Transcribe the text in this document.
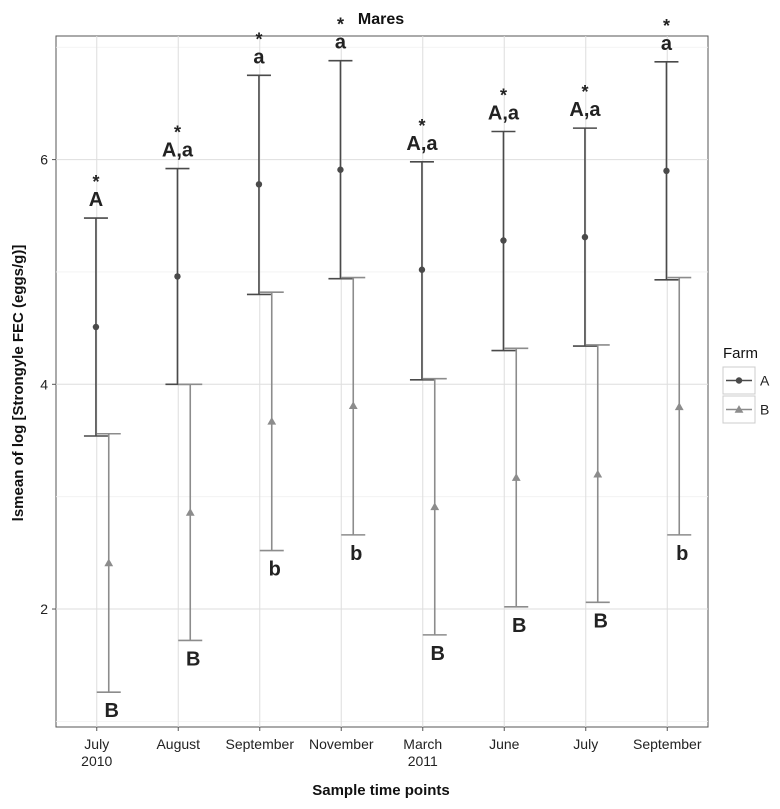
Mares
2
4
6
July 2010
August September November March 2011
June	July September
A
*
A,a
*
a
*	a
*
A,a
*
A,a
*
A,a
*
a
*
B
B
b
b
B
B	B
b
Sample time points
lsmean of log [Strongyle FEC (eggs/g)]	Farm
A
B
